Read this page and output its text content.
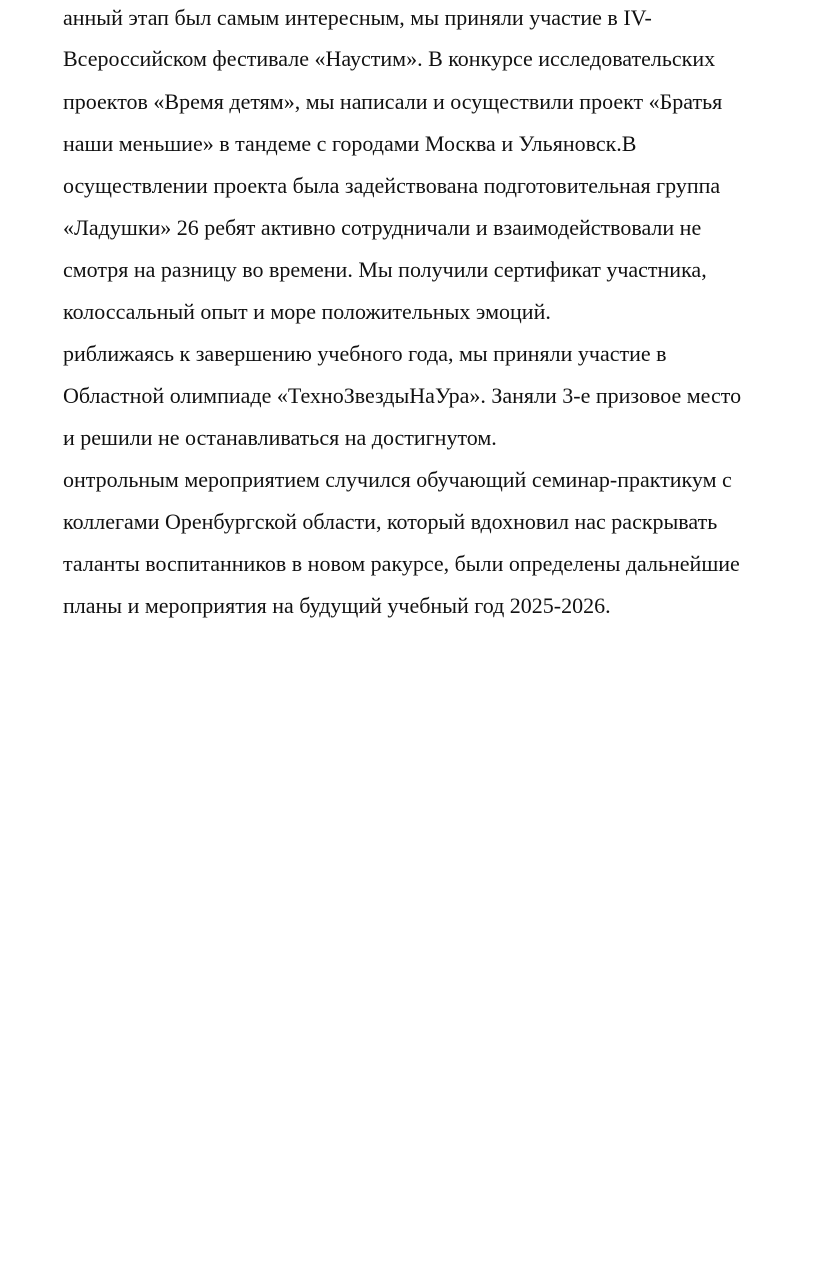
анный этап был самым интересным, мы приняли участие в IV-
Всероссийском фестивале «Наустим». В конкурсе исследовательских
проектов «Время детям», мы написали и осуществили проект «Братья
наши меньшие» в тандеме с городами Москва и Ульяновск.В
осуществлении проекта была задействована подготовительная группа
«Ладушки» 26 ребят активно сотрудничали и взаимодействовали не
смотря на разницу во времени. Мы получили сертификат участника,
колоссальный опыт и море положительных эмоций.
риближаясь к завершению учебного года, мы приняли участие в
Областной олимпиаде «ТехноЗвездыНаУра». Заняли 3-е призовое место
и решили не останавливаться на достигнутом.
онтрольным мероприятием случился обучающий семинар-практикум с
коллегами Оренбургской области, который вдохновил нас раскрывать
таланты воспитанников в новом ракурсе, были определены дальнейшие
планы и мероприятия на будущий учебный год 2025-2026.
